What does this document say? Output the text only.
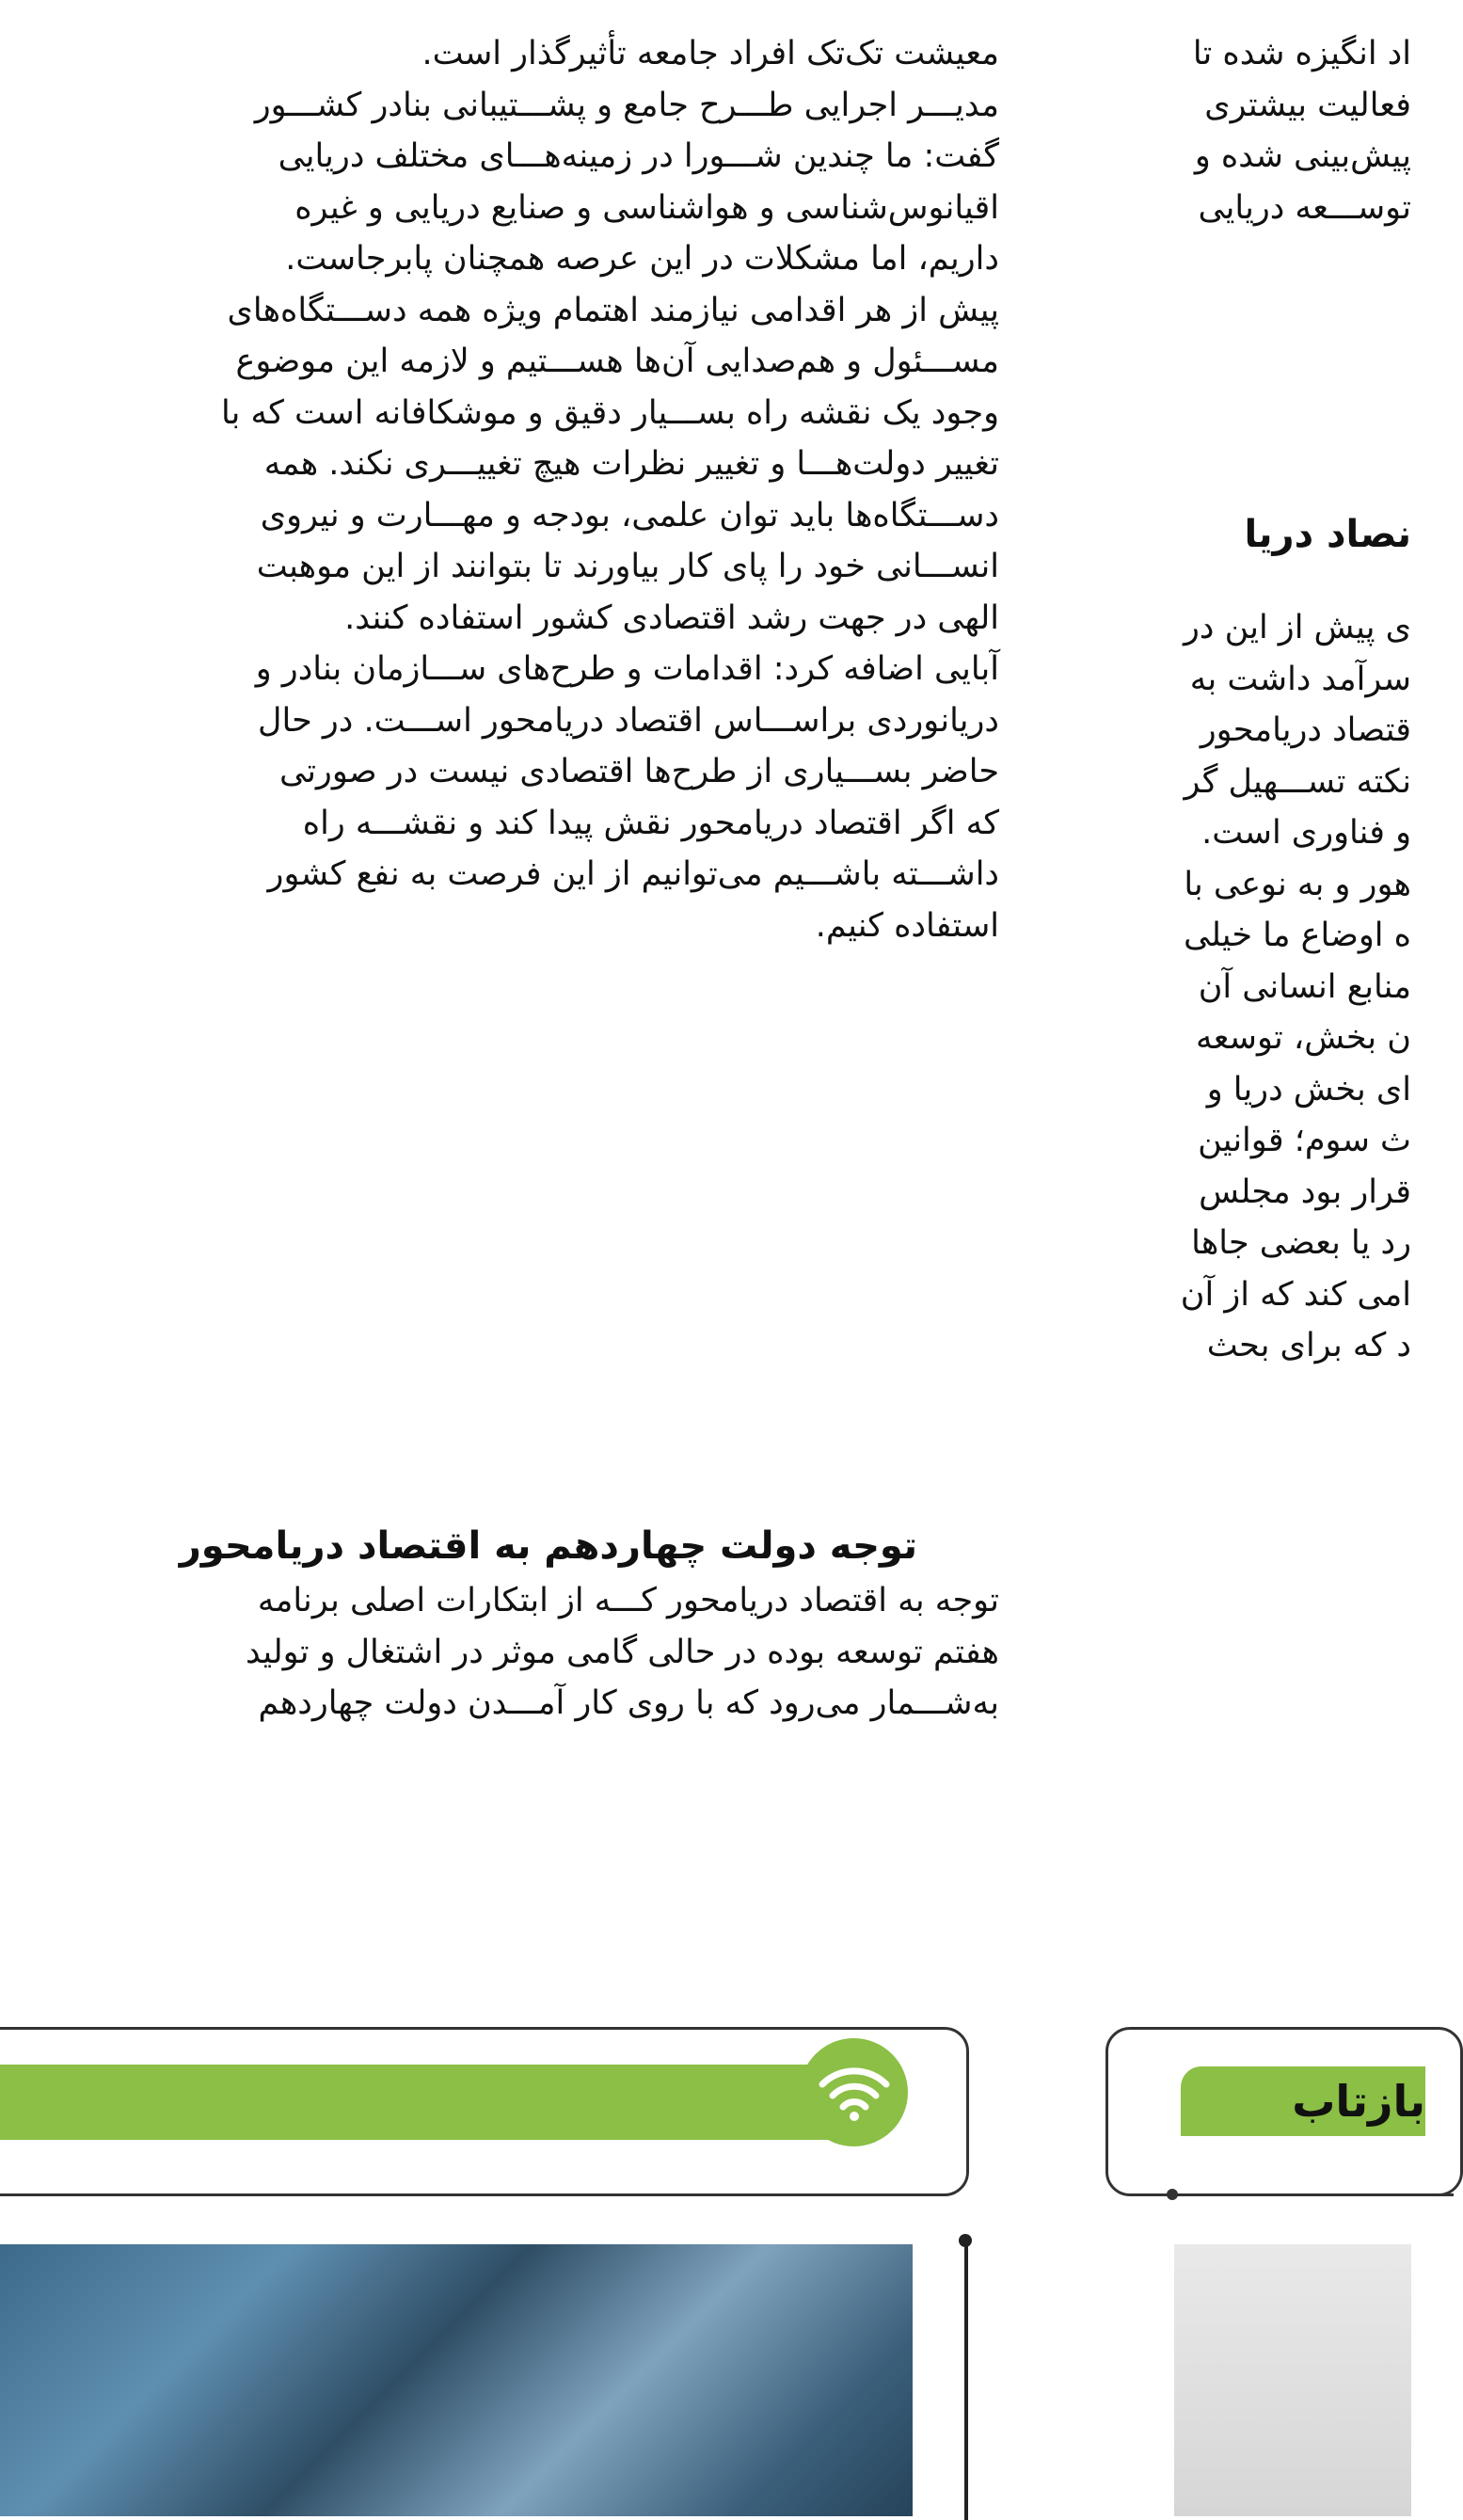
معیشت تک‌تک افراد جامعه تأثیرگذار است.
مدیـــر اجرایی طـــرح جامع و پشـــتیبانی بنادر کشـــور
گفت: ما چندین شـــورا در زمینه‌هـــای مختلف دریایی
اقیانوس‌شناسی و هواشناسی و صنایع دریایی و غیره
داریم، اما مشکلات در این عرصه همچنان پابرجاست.
پیش از هر اقدامی نیازمند اهتمام ویژه همه دســـتگاه‌های
مســـئول و هم‌صدایی آن‌ها هســـتیم و لازمه این موضوع
وجود یک نقشه راه بســـیار دقیق و موشکافانه است که با
تغییر دولت‌هـــا و تغییر نظرات هیچ تغییـــری نکند. همه
دســـتگاه‌ها باید توان علمی، بودجه و مهـــارت و نیروی
انســـانی خود را پای کار بیاورند تا بتوانند از این موهبت
الهی در جهت رشد اقتصادی کشور استفاده کنند.
آبایی اضافه کرد: اقدامات و طرح‌های ســـازمان بنادر و
دریانوردی براســـاس اقتصاد دریامحور اســـت. در حال
حاضر بســـیاری از طرح‌ها اقتصادی نیست در صورتی
که اگر اقتصاد دریامحور نقش پیدا کند و نقشـــه راه
داشـــته باشـــیم می‌توانیم از این فرصت به نفع کشور
استفاده کنیم.
توجه دولت چهاردهم به اقتصاد دریامحور
توجه به اقتصاد دریامحور کـــه از ابتکارات اصلی برنامه
هفتم توسعه بوده در حالی گامی موثر در اشتغال و تولید
به‌شـــمار می‌رود که با روی کار آمـــدن دولت چهاردهم
اد انگیزه شده تا
فعالیت بیشتری
پیش‌بینی شده و
توســـعه دریایی
نصاد دریا
ی پیش از این در
سرآمد داشت به
قتصاد دریامحور
نکته تســـهیل گر
و فناوری است.
هور و به نوعی با
ه اوضاع ما خیلی
منابع انسانی آن
ن بخش، توسعه
ای بخش دریا و
ث سوم؛ قوانین
قرار بود مجلس
رد یا بعضی جاها
امی کند که از آن
د که برای بحث
بازتاب
